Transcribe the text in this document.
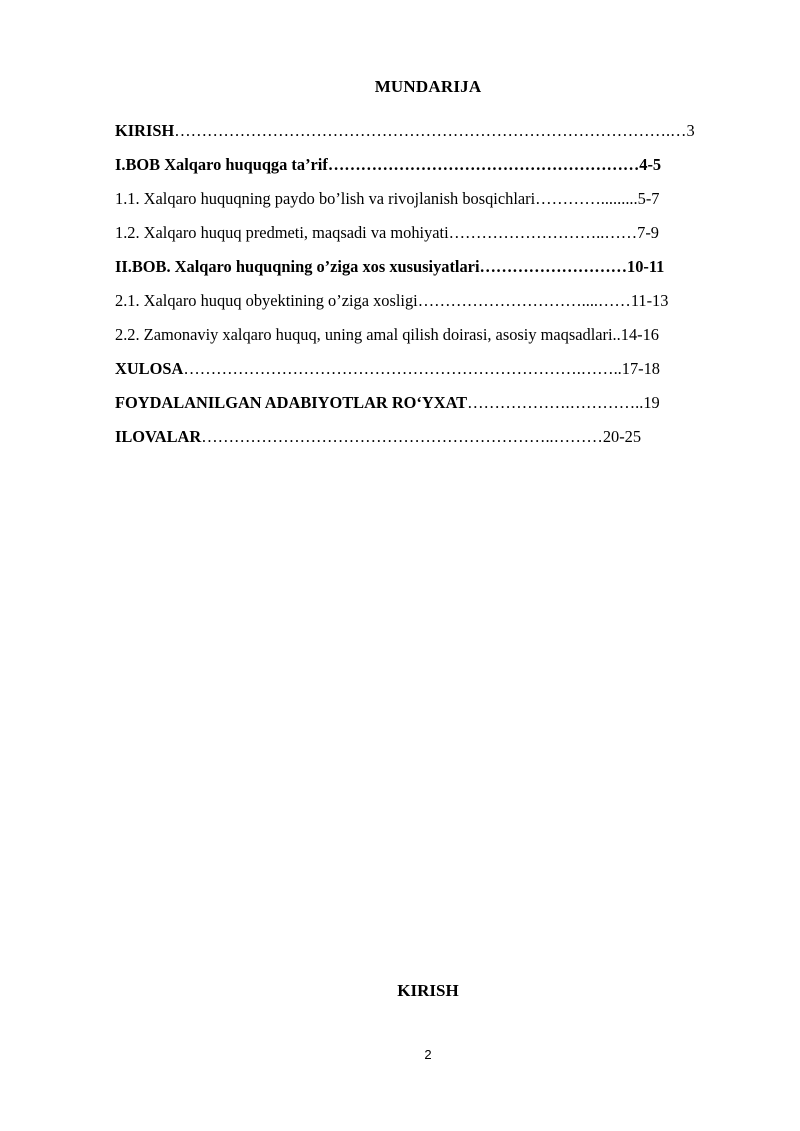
MUNDARIJA
KIRISH……………………………………………………………………………….…3
I.BOB Xalqaro huquqga ta’rif…………………………………………………4-5
1.1. Xalqaro huquqning paydo bo’lish va rivojlanish bosqichlari………….........5-7
1.2. Xalqaro huquq predmeti, maqsadi va mohiyati………………………..……7-9
II.BOB. Xalqaro huquqning o’ziga xos xususiyatlari………………………10-11
2.1. Xalqaro huquq obyektining o’ziga xosligi…………………………....……11-13
2.2. Zamonaviy xalqaro huquq, uning amal qilish doirasi, asosiy maqsadlari..14-16
XULOSA……………………………………………………………….……..17-18
FOYDALANILGAN ADABIYOTLAR RO‘YXAT……………….…………..19
ILOVALAR………………………………………………………..………20-25
KIRISH
2
